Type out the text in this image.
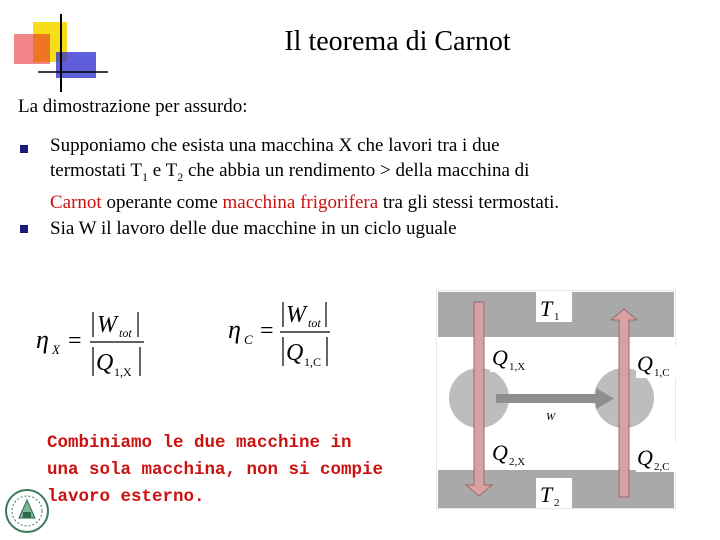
Il teorema di Carnot
La dimostrazione per assurdo:
Supponiamo che esista una macchina X che lavori tra i due
termostati $T_1$ e $T_2$ che abbia un rendimento > della macchina di
Carnot operante come macchina frigorifera tra gli stessi termostati.
Sia W il lavoro delle due macchine in un ciclo uguale
η X =
W tot
Q 1,X
η C =
W tot
Q 1,C
T 1
T 2
W
Q 1,X	Q 1,C
Q 2,X	Q 2,C
Combiniamo le due macchine in
una sola macchina, non si compie
lavoro esterno.
